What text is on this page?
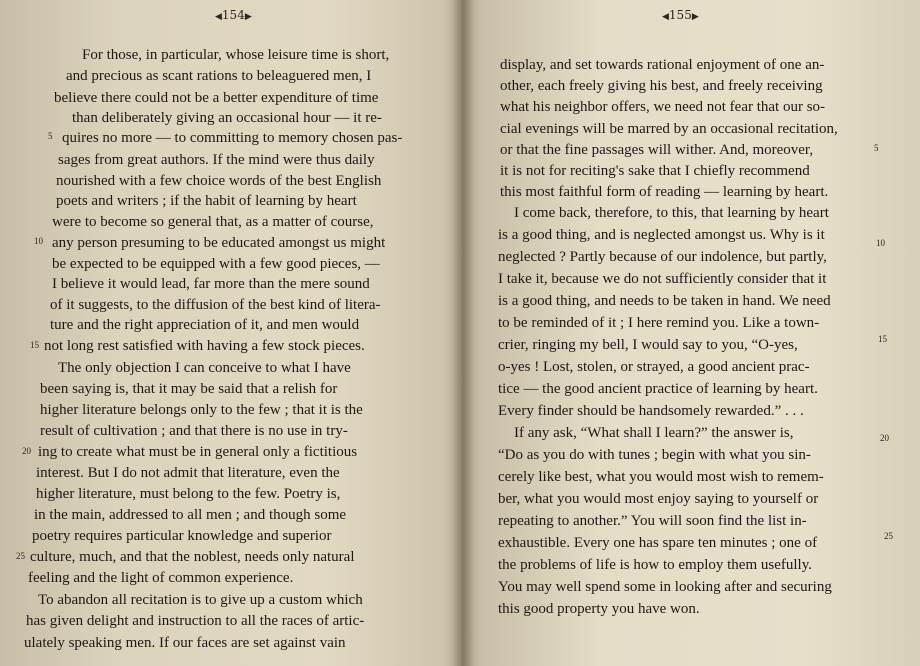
◀154▶
For those, in particular, whose leisure time is short,
and precious as scant rations to beleaguered men, I
believe there could not be a better expenditure of time
than deliberately giving an occasional hour — it re-
quires no more — to committing to memory chosen pas-
sages from great authors. If the mind were thus daily
nourished with a few choice words of the best English
poets and writers ; if the habit of learning by heart
were to become so general that, as a matter of course,
any person presuming to be educated amongst us might
be expected to be equipped with a few good pieces, —
I believe it would lead, far more than the mere sound
of it suggests, to the diffusion of the best kind of litera-
ture and the right appreciation of it, and men would
not long rest satisfied with having a few stock pieces.
The only objection I can conceive to what I have
been saying is, that it may be said that a relish for
higher literature belongs only to the few ; that it is the
result of cultivation ; and that there is no use in try-
ing to create what must be in general only a fictitious
interest. But I do not admit that literature, even the
higher literature, must belong to the few. Poetry is,
in the main, addressed to all men ; and though some
poetry requires particular knowledge and superior
culture, much, and that the noblest, needs only natural
feeling and the light of common experience.
To abandon all recitation is to give up a custom which
has given delight and instruction to all the races of artic-
ulately speaking men. If our faces are set against vain
5
10
15
20
25
◀155▶
display, and set towards rational enjoyment of one an-
other, each freely giving his best, and freely receiving
what his neighbor offers, we need not fear that our so-
cial evenings will be marred by an occasional recitation,
or that the fine passages will wither. And, moreover,
it is not for reciting's sake that I chiefly recommend
this most faithful form of reading — learning by heart.
I come back, therefore, to this, that learning by heart
is a good thing, and is neglected amongst us. Why is it
neglected ? Partly because of our indolence, but partly,
I take it, because we do not sufficiently consider that it
is a good thing, and needs to be taken in hand. We need
to be reminded of it ; I here remind you. Like a town-
crier, ringing my bell, I would say to you, “O-yes,
o-yes ! Lost, stolen, or strayed, a good ancient prac-
tice — the good ancient practice of learning by heart.
Every finder should be handsomely rewarded.” . . .
If any ask, “What shall I learn?” the answer is,
“Do as you do with tunes ; begin with what you sin-
cerely like best, what you would most wish to remem-
ber, what you would most enjoy saying to yourself or
repeating to another.” You will soon find the list in-
exhaustible. Every one has spare ten minutes ; one of
the problems of life is how to employ them usefully.
You may well spend some in looking after and securing
this good property you have won.
5
10
15
20
25
